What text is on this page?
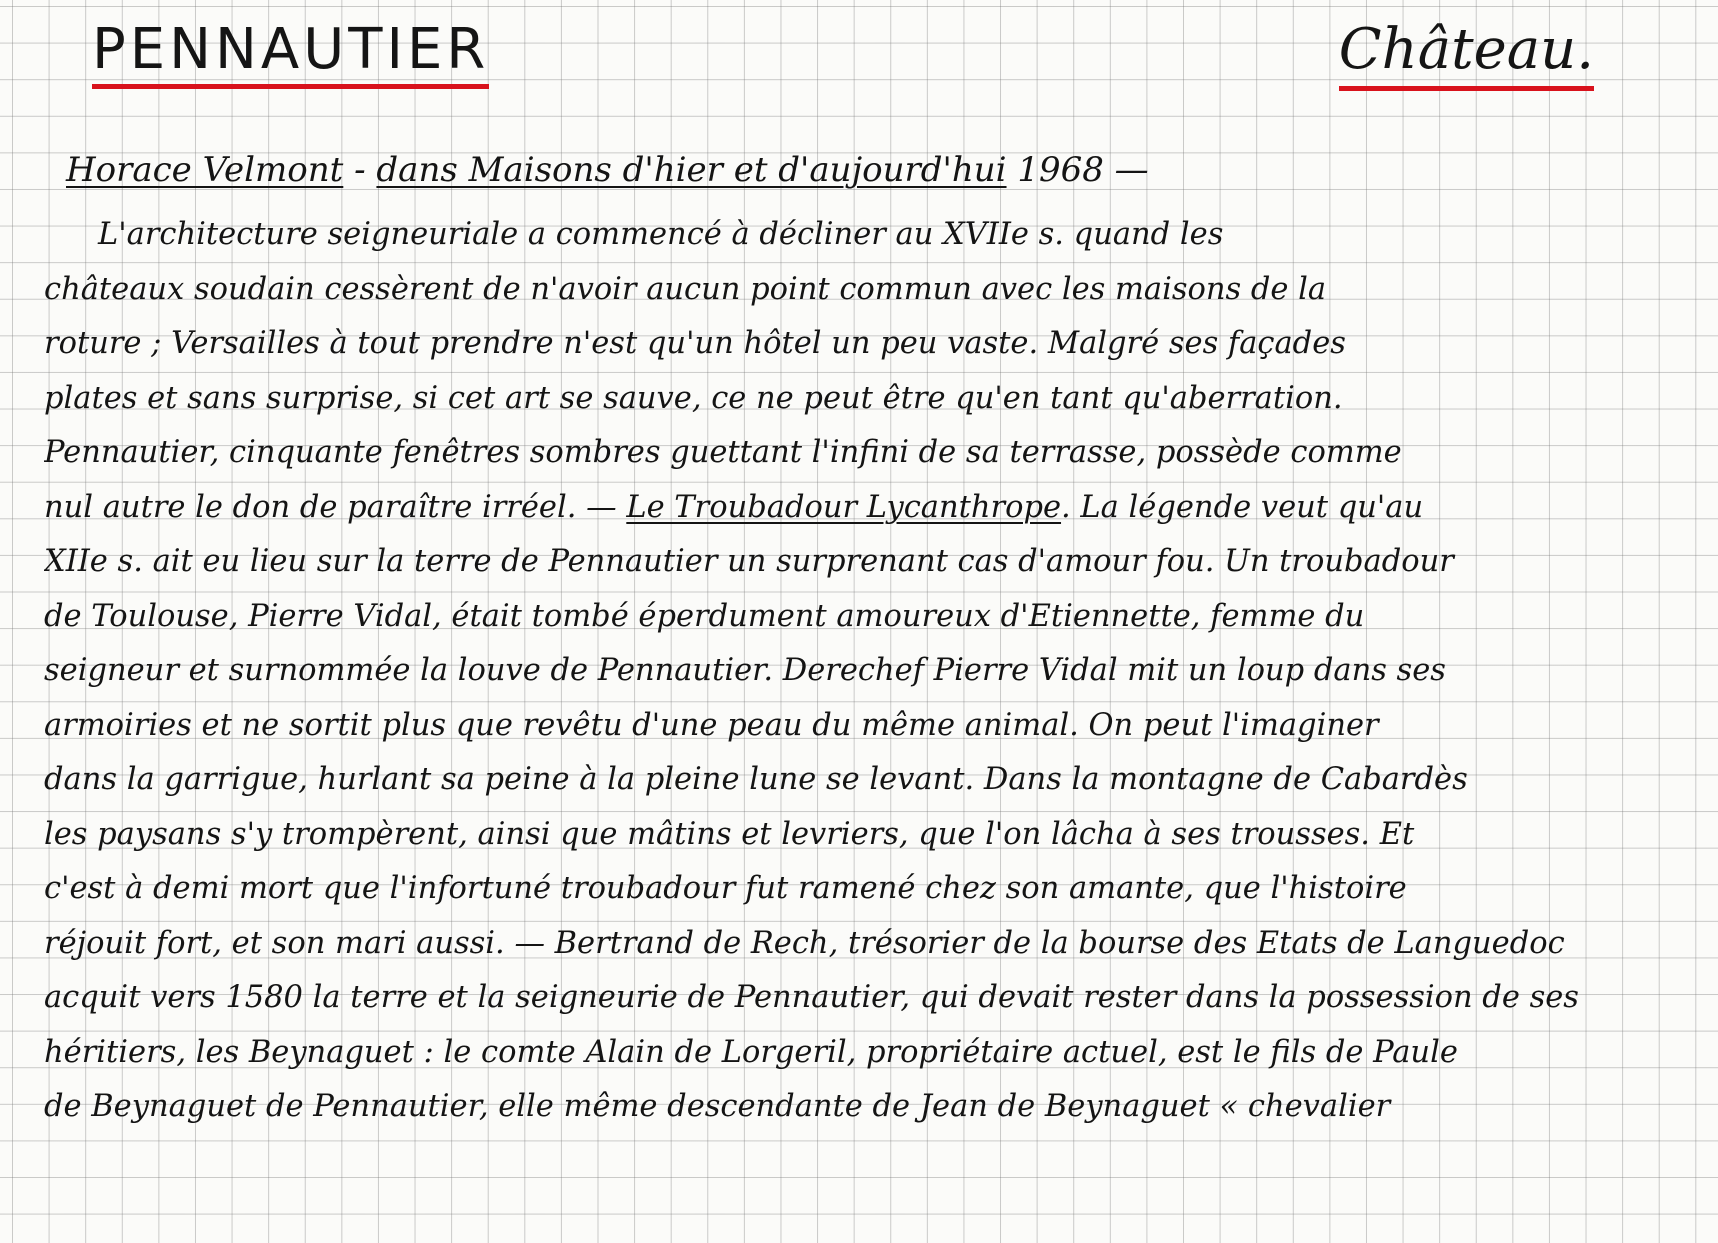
PENNAUTIER	Château.
Horace Velmont - dans Maisons d'hier et d'aujourd'hui 1968 —
L'architecture seigneuriale a commencé à décliner au XVIIe s. quand les
châteaux soudain cessèrent de n'avoir aucun point commun avec les maisons de la
roture ; Versailles à tout prendre n'est qu'un hôtel un peu vaste. Malgré ses façades
plates et sans surprise, si cet art se sauve, ce ne peut être qu'en tant qu'aberration.
Pennautier, cinquante fenêtres sombres guettant l'infini de sa terrasse, possède comme
nul autre le don de paraître irréel. — Le Troubadour Lycanthrope. La légende veut qu'au
XIIe s. ait eu lieu sur la terre de Pennautier un surprenant cas d'amour fou. Un troubadour
de Toulouse, Pierre Vidal, était tombé éperdument amoureux d'Etiennette, femme du
seigneur et surnommée la louve de Pennautier. Derechef Pierre Vidal mit un loup dans ses
armoiries et ne sortit plus que revêtu d'une peau du même animal. On peut l'imaginer
dans la garrigue, hurlant sa peine à la pleine lune se levant. Dans la montagne de Cabardès
les paysans s'y trompèrent, ainsi que mâtins et levriers, que l'on lâcha à ses trousses. Et
c'est à demi mort que l'infortuné troubadour fut ramené chez son amante, que l'histoire
réjouit fort, et son mari aussi. — Bertrand de Rech, trésorier de la bourse des Etats de Languedoc
acquit vers 1580 la terre et la seigneurie de Pennautier, qui devait rester dans la possession de ses
héritiers, les Beynaguet : le comte Alain de Lorgeril, propriétaire actuel, est le fils de Paule
de Beynaguet de Pennautier, elle même descendante de Jean de Beynaguet « chevalier
